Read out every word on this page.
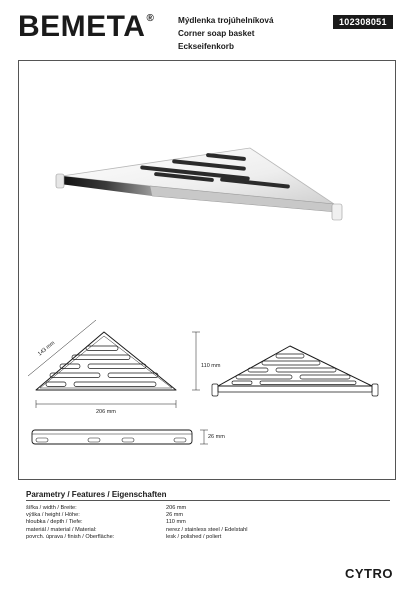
BEMETA®	Mýdlenka trojúhelníková
Corner soap basket
Eckseifenkorb
102308051
143 mm
206 mm
110 mm
26 mm
Parametry / Features / Eigenschaften
šířka / width / Breite:	206 mm
výška / height / Höhe:	26 mm
hloubka / depth / Tiefe:	110 mm
materiál / material / Material:	nerez / stainless steel / Edelstahl
povrch. úprava / finish / Oberfläche:	lesk / polished / poliert
CYTRO
